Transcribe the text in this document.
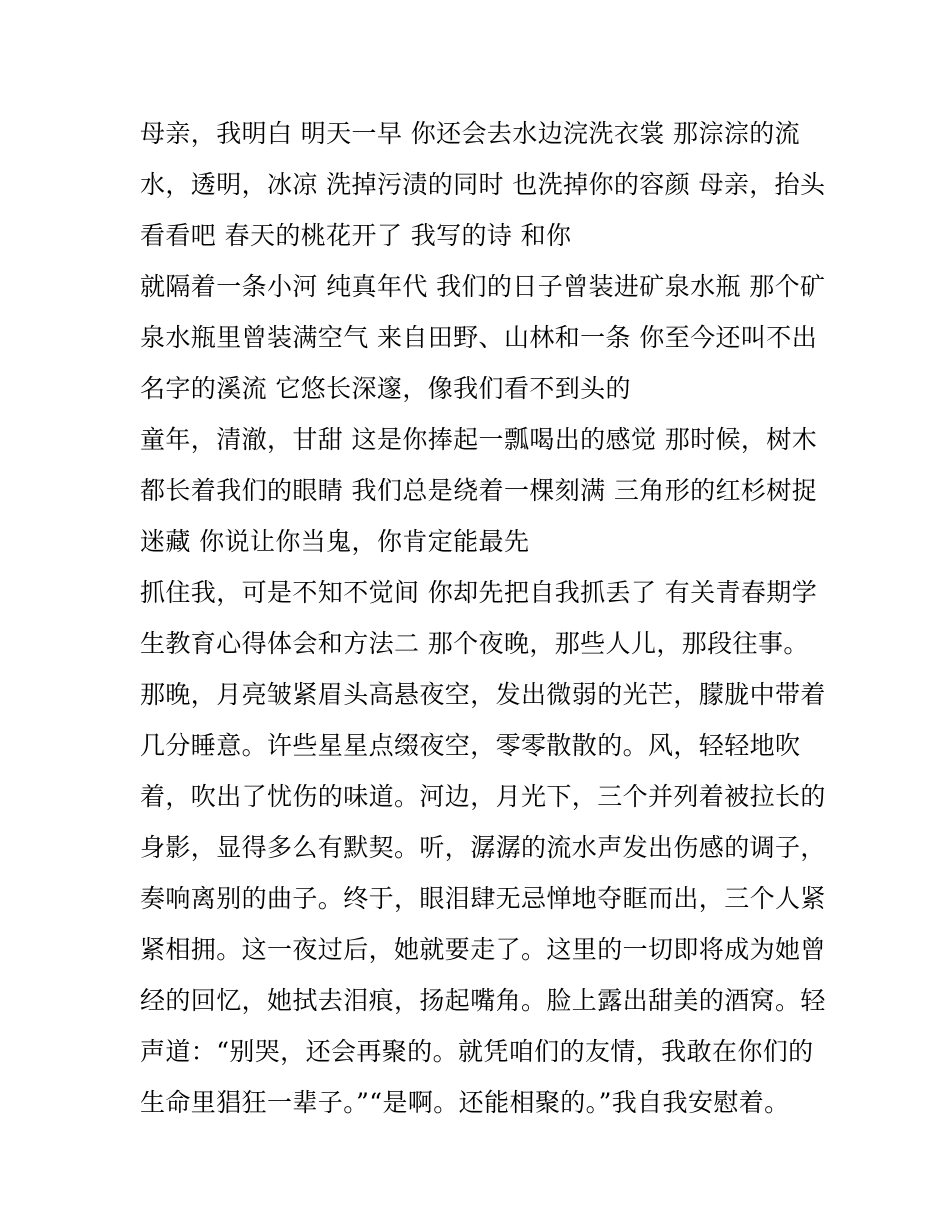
母亲，我明白 明天一早 你还会去水边浣洗衣裳 那淙淙的流
水，透明，冰凉 洗掉污渍的同时 也洗掉你的容颜 母亲，抬头
看看吧 春天的桃花开了 我写的诗 和你
就隔着一条小河 纯真年代 我们的日子曾装进矿泉水瓶 那个矿
泉水瓶里曾装满空气 来自田野、山林和一条 你至今还叫不出
名字的溪流 它悠长深邃，像我们看不到头的
童年，清澈，甘甜 这是你捧起一瓢喝出的感觉 那时候，树木
都长着我们的眼睛 我们总是绕着一棵刻满 三角形的红杉树捉
迷藏 你说让你当鬼，你肯定能最先
抓住我，可是不知不觉间 你却先把自我抓丢了 有关青春期学
生教育心得体会和方法二 那个夜晚，那些人儿，那段往事。
那晚，月亮皱紧眉头高悬夜空，发出微弱的光芒，朦胧中带着
几分睡意。许些星星点缀夜空，零零散散的。风，轻轻地吹
着，吹出了忧伤的味道。河边，月光下，三个并列着被拉长的
身影，显得多么有默契。听，潺潺的流水声发出伤感的调子，
奏响离别的曲子。终于，眼泪肆无忌惮地夺眶而出，三个人紧
紧相拥。这一夜过后，她就要走了。这里的一切即将成为她曾
经的回忆，她拭去泪痕，扬起嘴角。脸上露出甜美的酒窝。轻
声道：“别哭，还会再聚的。就凭咱们的友情，我敢在你们的
生命里猖狂一辈子。”“是啊。还能相聚的。”我自我安慰着。
